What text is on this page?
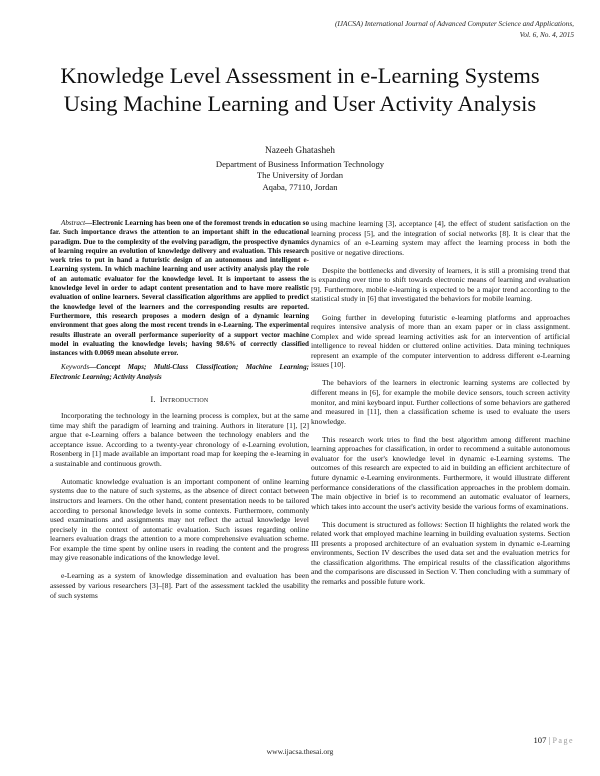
(IJACSA) International Journal of Advanced Computer Science and Applications,
Vol. 6, No. 4, 2015
Knowledge Level Assessment in e-Learning Systems
Using Machine Learning and User Activity Analysis
Nazeeh Ghatasheh
Department of Business Information Technology
The University of Jordan
Aqaba, 77110, Jordan

Abstract—Electronic Learning has been one of the foremost trends in education so far. Such importance draws the attention to an important shift in the educational paradigm. Due to the complexity of the evolving paradigm, the prospective dynamics of learning require an evolution of knowledge delivery and evaluation. This research work tries to put in hand a futuristic design of an autonomous and intelligent e-Learning system. In which machine learning and user activity analysis play the role of an automatic evaluator for the knowledge level. It is important to assess the knowledge level in order to adapt content presentation and to have more realistic evaluation of online learners. Several classification algorithms are applied to predict the knowledge level of the learners and the corresponding results are reported. Furthermore, this research proposes a modern design of a dynamic learning environment that goes along the most recent trends in e-Learning. The experimental results illustrate an overall performance superiority of a support vector machine model in evaluating the knowledge levels; having 98.6% of correctly classified instances with 0.0069 mean absolute error.

Keywords—Concept Maps; Multi-Class Classification; Machine Learning; Electronic Learning; Activity Analysis

I. Introduction

Incorporating the technology in the learning process is complex, but at the same time may shift the paradigm of learning and training. Authors in literature [1], [2] argue that e-Learning offers a balance between the technology enablers and the acceptance issue. According to a twenty-year chronology of e-Learning evolution, Rosenberg in [1] made available an important road map for keeping the e-learning in a sustainable and continuous growth.

Automatic knowledge evaluation is an important component of online learning systems due to the nature of such systems, as the absence of direct contact between instructors and learners. On the other hand, content presentation needs to be tailored according to personal knowledge levels in some contexts. Furthermore, commonly used examinations and assignments may not reflect the actual knowledge level precisely in the context of automatic evaluation. Such issues regarding online learners evaluation drags the attention to a more comprehensive evaluation scheme. For example the time spent by online users in reading the content and the progress may give reasonable indications of the knowledge level.

e-Learning as a system of knowledge dissemination and evaluation has been assessed by various researchers [3]–[8]. Part of the assessment tackled the usability of such systems

using machine learning [3], acceptance [4], the effect of student satisfaction on the learning process [5], and the integration of social networks [8]. It is clear that the dynamics of an e-Learning system may affect the learning process in both the positive or negative directions.

Despite the bottlenecks and diversity of learners, it is still a promising trend that is expanding over time to shift towards electronic means of learning and evaluation [9]. Furthermore, mobile e-learning is expected to be a major trend according to the statistical study in [6] that investigated the behaviors for mobile learning.

Going further in developing futuristic e-learning platforms and approaches requires intensive analysis of more than an exam paper or in class assignment. Complex and wide spread learning activities ask for an intervention of artificial intelligence to reveal hidden or cluttered online activities. Data mining techniques represent an example of the computer intervention to address different e-Learning issues [10].

The behaviors of the learners in electronic learning systems are collected by different means in [6], for example the mobile device sensors, touch screen activity monitor, and mini keyboard input. Further collections of some behaviors are gathered and measured in [11], then a classification scheme is used to evaluate the users knowledge.

This research work tries to find the best algorithm among different machine learning approaches for classification, in order to recommend a suitable autonomous evaluator for the user's knowledge level in dynamic e-Learning systems. The outcomes of this research are expected to aid in building an efficient architecture of future dynamic e-Learning environments. Furthermore, it would illustrate different performance considerations of the classification approaches in the problem domain. The main objective in brief is to recommend an automatic evaluator of learners, which takes into account the user's activity beside the various forms of examinations.

This document is structured as follows: Section II highlights the related work the related work that employed machine learning in building evaluation systems. Section III presents a proposed architecture of an evaluation system in dynamic e-Learning environments, Section IV describes the used data set and the evaluation metrics for the classification algorithms. The empirical results of the classification algorithms and the comparisons are discussed in Section V. Then concluding with a summary of the remarks and possible future work.

107 | Page
www.ijacsa.thesai.org
